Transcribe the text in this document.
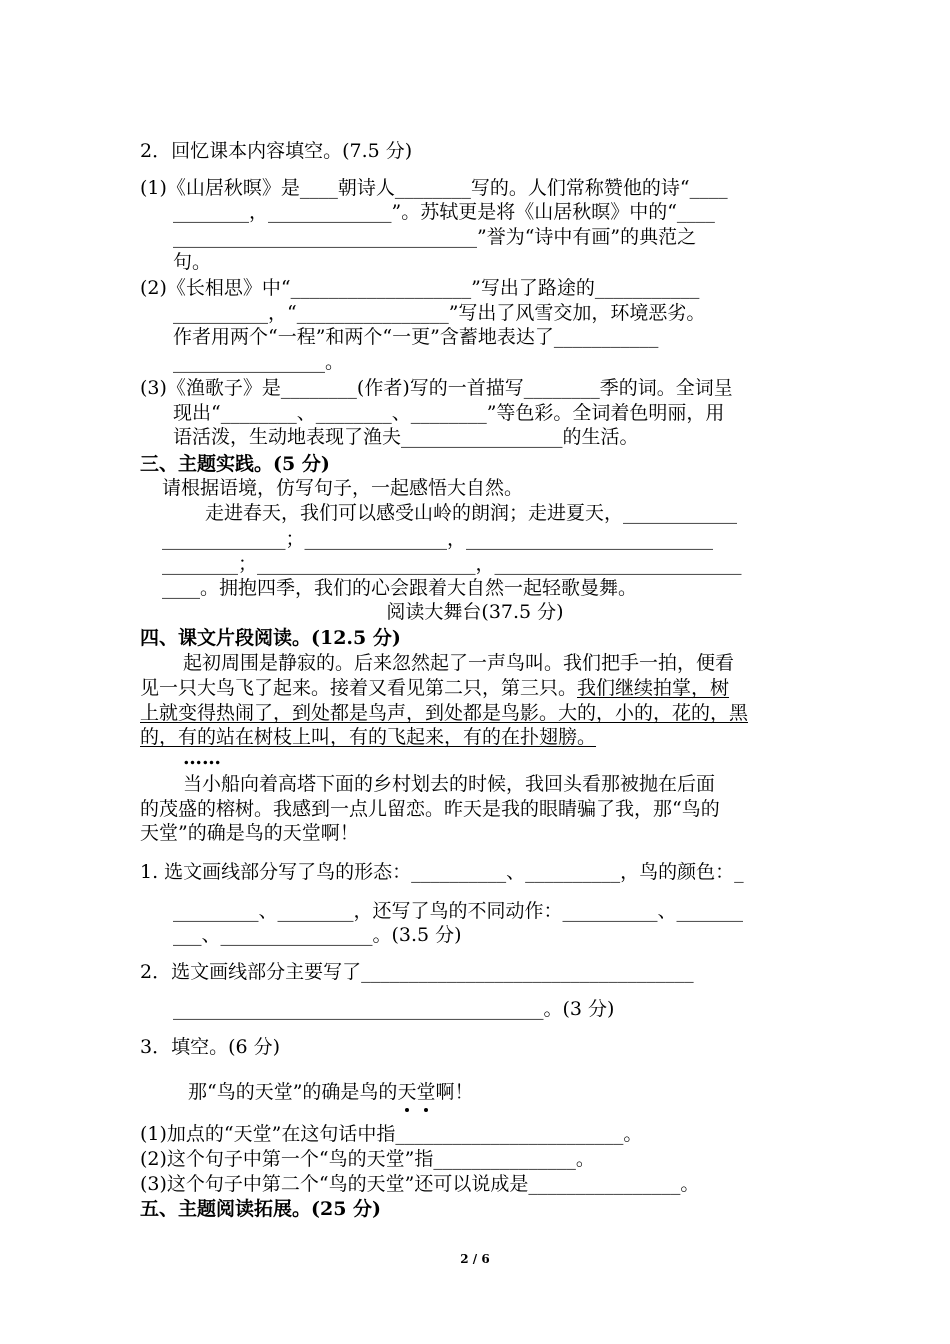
2．回忆课本内容填空。(7.5 分)
(1)《山居秋暝》是____朝诗人________写的。人们常称赞他的诗“____
________，_____________”。苏轼更是将《山居秋暝》中的“____
________________________________”誉为“诗中有画”的典范之
句。
(2)《长相思》中“___________________”写出了路途的___________
__________，“________________”写出了风雪交加，环境恶劣。
作者用两个“一程”和两个“一更”含蓄地表达了___________
________________。
(3)《渔歌子》是________(作者)写的一首描写________季的词。全词呈
现出“________、________、________”等色彩。全词着色明丽，用
语活泼，生动地表现了渔夫_________________的生活。
三、主题实践。(5 分)
请根据语境，仿写句子，一起感悟大自然。
走进春天，我们可以感受山岭的朗润；走进夏天，____________
_____________；_______________，__________________________
________；_______________________，__________________________
____。拥抱四季，我们的心会跟着大自然一起轻歌曼舞。
阅读大舞台(37.5 分)
四、课文片段阅读。(12.5 分)
起初周围是静寂的。后来忽然起了一声鸟叫。我们把手一拍，便看
见一只大鸟飞了起来。接着又看见第二只，第三只。我们继续拍掌，树
上就变得热闹了，到处都是鸟声，到处都是鸟影。大的，小的，花的，黑
的，有的站在树枝上叫，有的飞起来，有的在扑翅膀。
……
当小船向着高塔下面的乡村划去的时候，我回头看那被抛在后面
的茂盛的榕树。我感到一点儿留恋。昨天是我的眼睛骗了我，那“鸟的
天堂”的确是鸟的天堂啊！
1. 选文画线部分写了鸟的形态：__________、__________，鸟的颜色：_
_________、________，还写了鸟的不同动作：__________、_______
___、________________。(3.5 分)
2．选文画线部分主要写了___________________________________
_______________________________________。(3 分)
3．填空。(6 分)
那“鸟的天堂”的确是鸟的天堂啊！
(1)加点的“天堂”在这句话中指________________________。
(2)这个句子中第一个“鸟的天堂”指_______________。
(3)这个句子中第二个“鸟的天堂”还可以说成是________________。
五、主题阅读拓展。(25 分)
2 / 6
